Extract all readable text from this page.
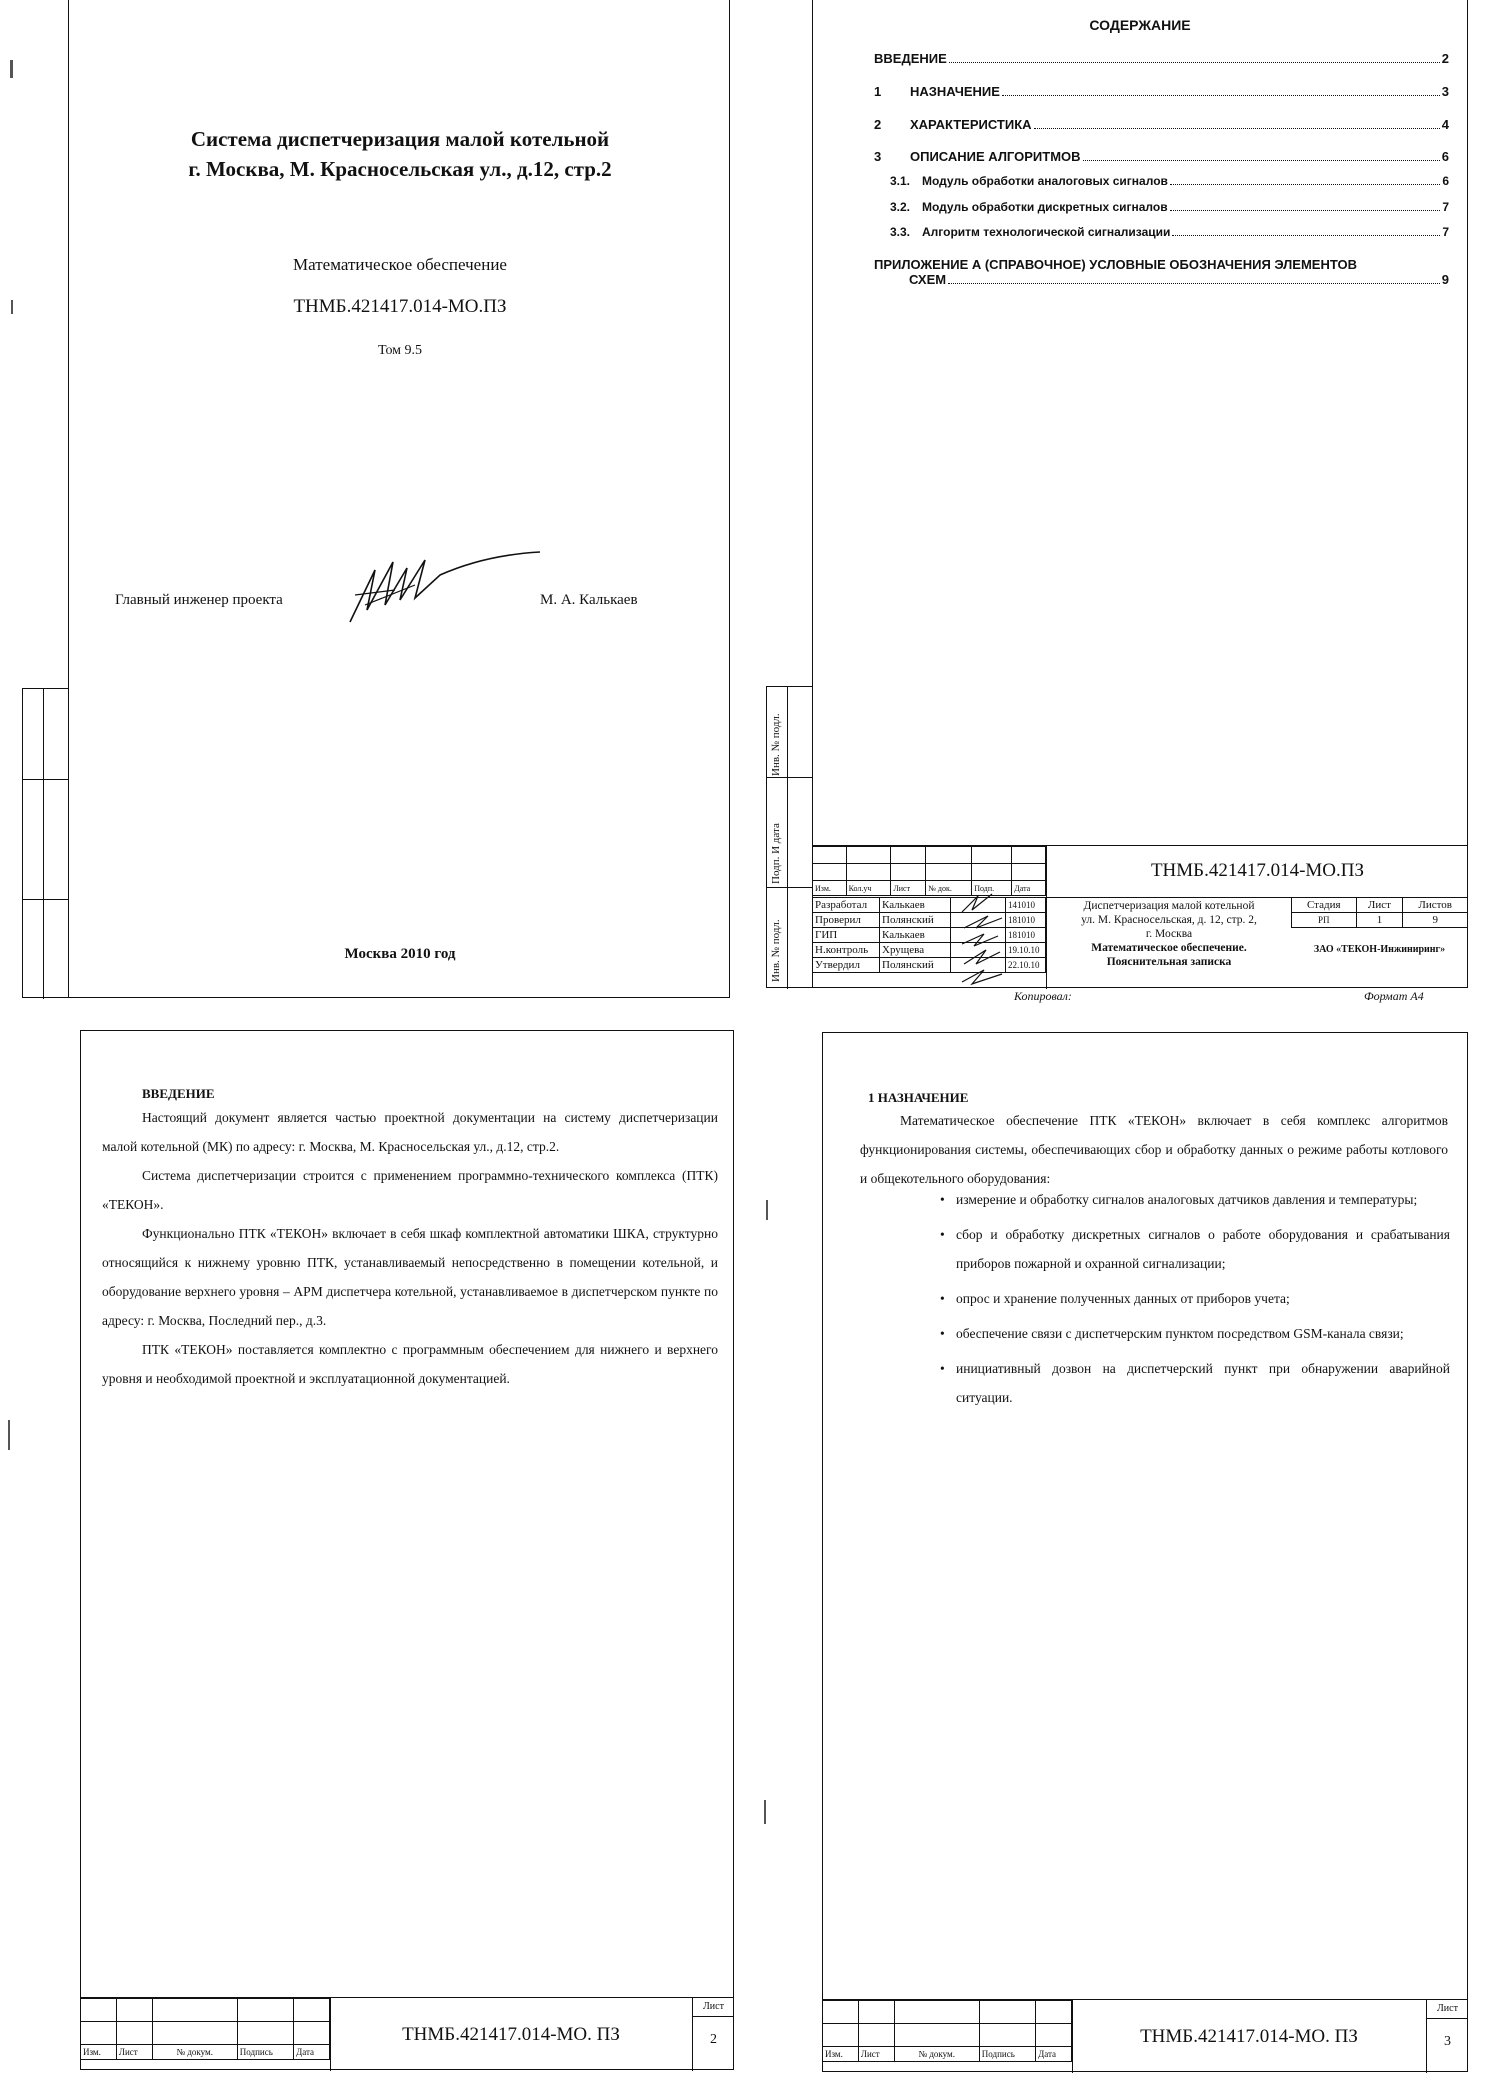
Система диспетчеризация малой котельной
г. Москва, М. Красносельская ул., д.12, стр.2
Математическое обеспечение
ТНМБ.421417.014-МО.ПЗ
Том 9.5
Главный инженер проекта	М. А. Калькаев
Москва 2010 год
СОДЕРЖАНИЕ
ВВЕДЕНИЕ	2
1	НАЗНАЧЕНИЕ	3
2	ХАРАКТЕРИСТИКА	4
3	ОПИСАНИЕ АЛГОРИТМОВ	6
3.1. Модуль обработки аналоговых сигналов	6
3.2. Модуль обработки дискретных сигналов	7
3.3. Алгоритм технологической сигнализации	7
ПРИЛОЖЕНИЕ А (СПРАВОЧНОЕ) УСЛОВНЫЕ ОБОЗНАЧЕНИЯ ЭЛЕМЕНТОВ
СХЕМ	9
Инв. № подл.
Подп. И дата
Инв. № подл.

Изм.	Кол.уч	Лист	№ док.	Подп.	Дата
Разработал	Калькаев		141010
Проверил	Полянский		181010
ГИП	Калькаев		181010
Н.контроль	Хрущева		19.10.10
Утвердил	Полянский		22.10.10
ТНМБ.421417.014-МО.ПЗ
Диспетчеризация малой котельной
ул. М. Красносельская, д. 12, стр. 2,
г. Москва
Математическое обеспечение.
Пояснительная записка
Стадия	Лист	Листов
РП	1	9
ЗАО «ТЕКОН-Инжиниринг»
Копировал:	Формат А4
ВВЕДЕНИЕ
Настоящий документ является частью проектной документации на систему диспетчеризации малой котельной (МК) по адресу: г. Москва, М. Красносельская ул., д.12, стр.2.
Система диспетчеризации строится с применением программно-технического комплекса (ПТК) «ТЕКОН».
Функционально ПТК «ТЕКОН» включает в себя шкаф комплектной автоматики ШКА, структурно относящийся к нижнему уровню ПТК, устанавливаемый непосредственно в помещении котельной, и оборудование верхнего уровня – АРМ диспетчера котельной, устанавливаемое в диспетчерском пункте по адресу: г. Москва, Последний пер., д.3.
ПТК «ТЕКОН» поставляется комплектно с программным обеспечением для нижнего и верхнего уровня и необходимой проектной и эксплуатационной документацией.

Изм.	Лист	№ докум.	Подпись	Дата
ТНМБ.421417.014-МО. ПЗ
Лист
2
1 НАЗНАЧЕНИЕ
Математическое обеспечение ПТК «ТЕКОН» включает в себя комплекс алгоритмов функционирования системы, обеспечивающих сбор и обработку данных о режиме работы котлового и общекотельного оборудования:
• измерение и обработку сигналов аналоговых датчиков давления и температуры;
• сбор и обработку дискретных сигналов о работе оборудования и срабатывания приборов пожарной и охранной сигнализации;
• опрос и хранение полученных данных от приборов учета;
• обеспечение связи с диспетчерским пунктом посредством GSM-канала связи;
• инициативный дозвон на диспетчерский пункт при обнаружении аварийной ситуации.

Изм.	Лист	№ докум.	Подпись	Дата
ТНМБ.421417.014-МО. ПЗ
Лист
3
